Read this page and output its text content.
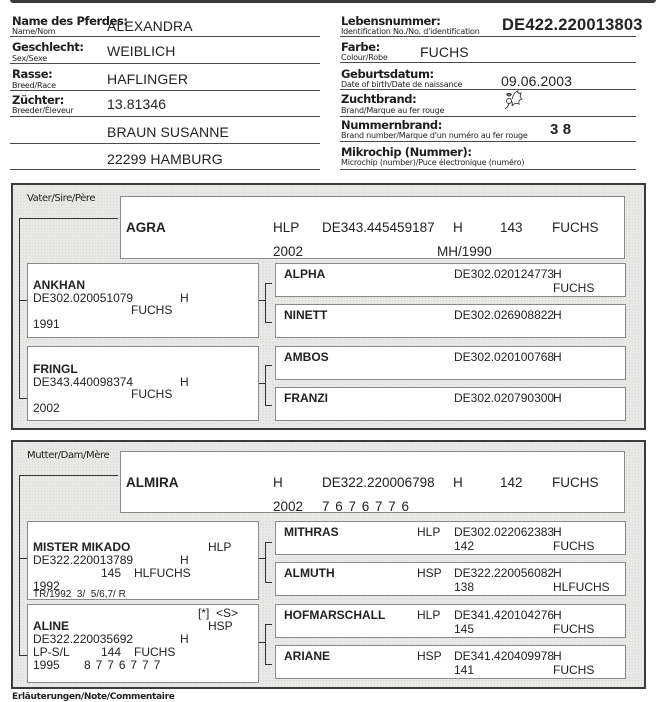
Name des Pferdes:
Name/Nom	ALEXANDRA
Geschlecht:
Sex/Sexe	WEIBLICH
Rasse:
Breed/Race	HAFLINGER
Züchter:
Breeder/Éleveur 13.81346
BRAUN SUSANNE
22299 HAMBURG
Lebensnummer:
Identification No./No. d'identification DE422.220013803
Farbe:
Colour/Robe FUCHS
Geburtsdatum:
Date of birth/Date de naissance	09.06.2003
Zuchtbrand:
Brand/Marque au fer rouge
Nummernbrand:
Brand number/Marque d'un numéro au fer rouge 3 8
Mikrochip (Nummer):
Microchip (number)/Puce électronique (numéro)
Vater/Sire/Père
AGRA	HLP DE343.445459187 H	143 FUCHS
2002	MH/1990
ANKHAN
DE302.020051079	H
FUCHS
1991
FRINGL
DE343.440098374	H
FUCHS
2002
ALPHA	DE302.020124773
H
FUCHS
NINETT	DE302.026908822
H
AMBOS	DE302.020100768
H
FRANZI	DE302.020790300
H
Mutter/Dam/Mère
ALMIRA	H	DE322.220006798 H	142 FUCHS
2002 7 6 7 6 7 7 6
MISTER MIKADO	HLP
DE322.220013789	H
145 HLFUCHS
1992
TR/1992  3/  5/6,7/ R
[*]  <S>
ALINE	HSP
DE322.220035692	H
LP-S/L	144 FUCHS
1995 8 7 7 6 7 7 7
MITHRAS	HLP DE302.022062383
H
142	FUCHS
ALMUTH	HSP DE322.220056082
H
138	HLFUCHS
HOFMARSCHALL	HLP DE341.420104276
H
145	FUCHS
ARIANE	HSP DE341.420409978
H
141	FUCHS
Erläuterungen/Note/Commentaire
